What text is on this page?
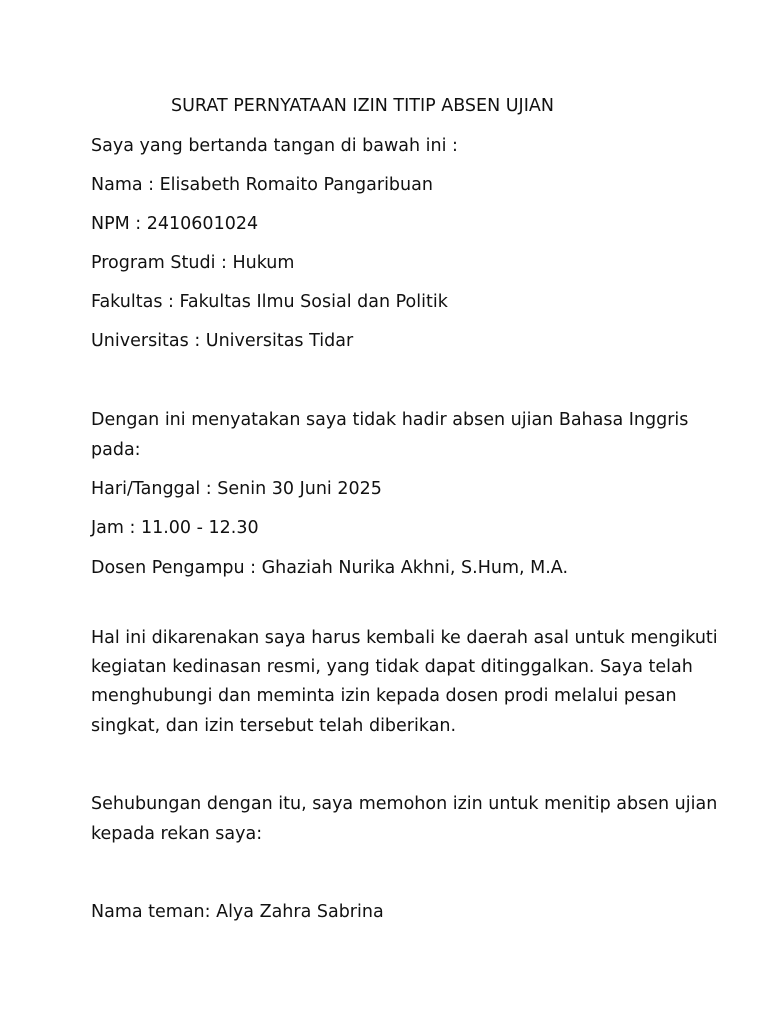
SURAT PERNYATAAN IZIN TITIP ABSEN UJIAN
Saya yang bertanda tangan di bawah ini :
Nama : Elisabeth Romaito Pangaribuan
NPM : 2410601024
Program Studi : Hukum
Fakultas : Fakultas Ilmu Sosial dan Politik
Universitas : Universitas Tidar
Dengan ini menyatakan saya tidak hadir absen ujian Bahasa Inggris
pada:
Hari/Tanggal : Senin 30 Juni 2025
Jam : 11.00 - 12.30
Dosen Pengampu : Ghaziah Nurika Akhni, S.Hum, M.A.
Hal ini dikarenakan saya harus kembali ke daerah asal untuk mengikuti
kegiatan kedinasan resmi, yang tidak dapat ditinggalkan. Saya telah
menghubungi dan meminta izin kepada dosen prodi melalui pesan
singkat, dan izin tersebut telah diberikan.
Sehubungan dengan itu, saya memohon izin untuk menitip absen ujian
kepada rekan saya:
Nama teman: Alya Zahra Sabrina
